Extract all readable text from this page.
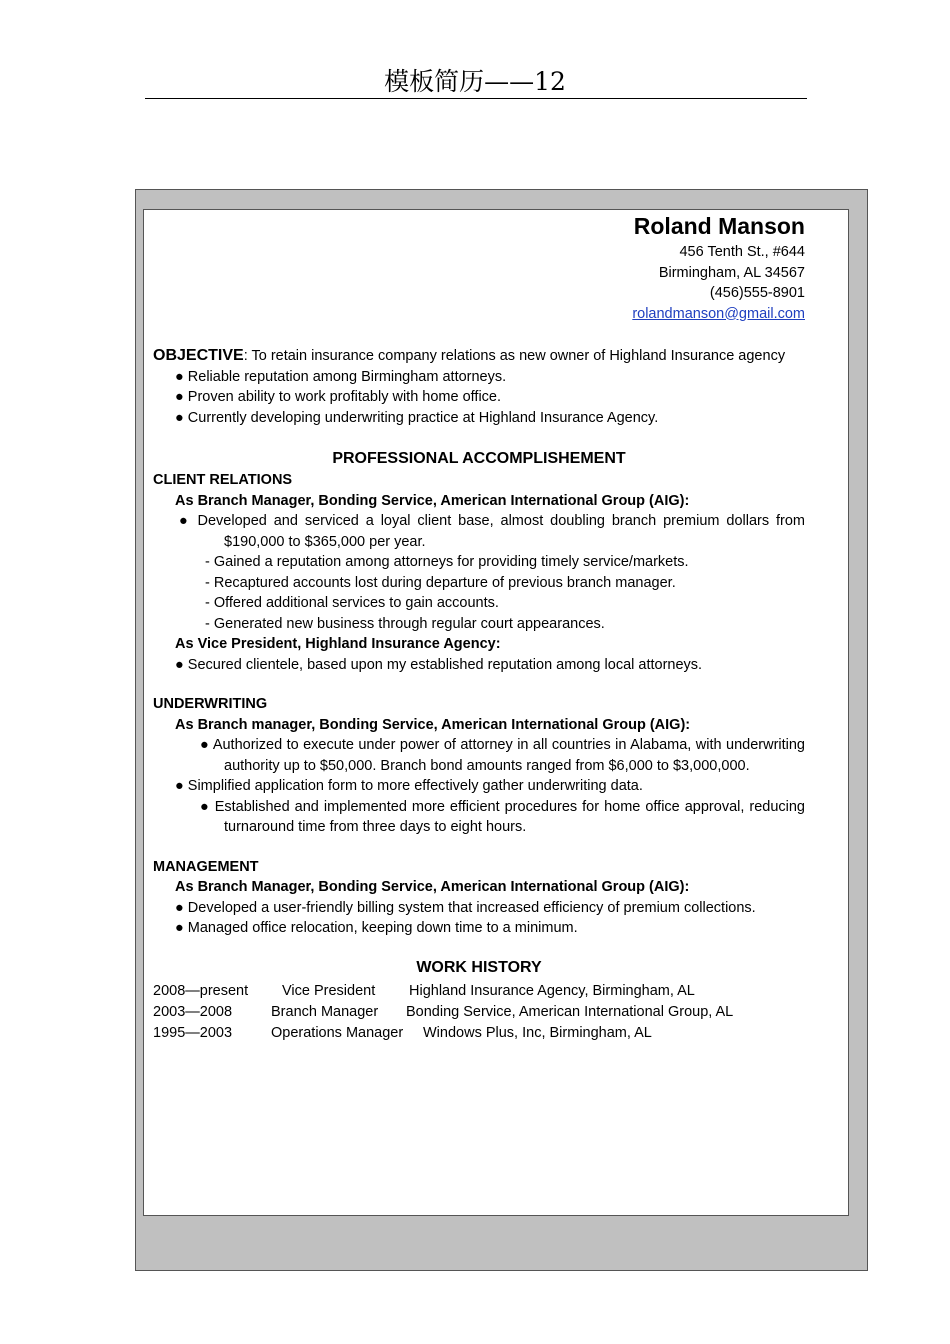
模板简历——12
Roland Manson
456 Tenth St., #644
Birmingham, AL 34567
(456)555-8901
rolandmanson@gmail.com
OBJECTIVE: To retain insurance company relations as new owner of Highland Insurance agency
● Reliable reputation among Birmingham attorneys.
● Proven ability to work profitably with home office.
● Currently developing underwriting practice at Highland Insurance Agency.
PROFESSIONAL ACCOMPLISHEMENT
CLIENT RELATIONS
As Branch Manager, Bonding Service, American International Group (AIG):
● Developed and serviced a loyal client base, almost doubling branch premium dollars from $190,000 to $365,000 per year.
- Gained a reputation among attorneys for providing timely service/markets.
- Recaptured accounts lost during departure of previous branch manager.
- Offered additional services to gain accounts.
- Generated new business through regular court appearances.
As Vice President, Highland Insurance Agency:
● Secured clientele, based upon my established reputation among local attorneys.
UNDERWRITING
As Branch manager, Bonding Service, American International Group (AIG):
● Authorized to execute under power of attorney in all countries in Alabama, with underwriting authority up to $50,000. Branch bond amounts ranged from $6,000 to $3,000,000.
● Simplified application form to more effectively gather underwriting data.
● Established and implemented more efficient procedures for home office approval, reducing turnaround time from three days to eight hours.
MANAGEMENT
As Branch Manager, Bonding Service, American International Group (AIG):
● Developed a user-friendly billing system that increased efficiency of premium collections.
● Managed office relocation, keeping down time to a minimum.
WORK HISTORY
2008—present Vice President Highland Insurance Agency, Birmingham, AL
2003—2008	Branch Manager Bonding Service, American International Group, AL
1995—2003	Operations Manager Windows Plus, Inc, Birmingham, AL
